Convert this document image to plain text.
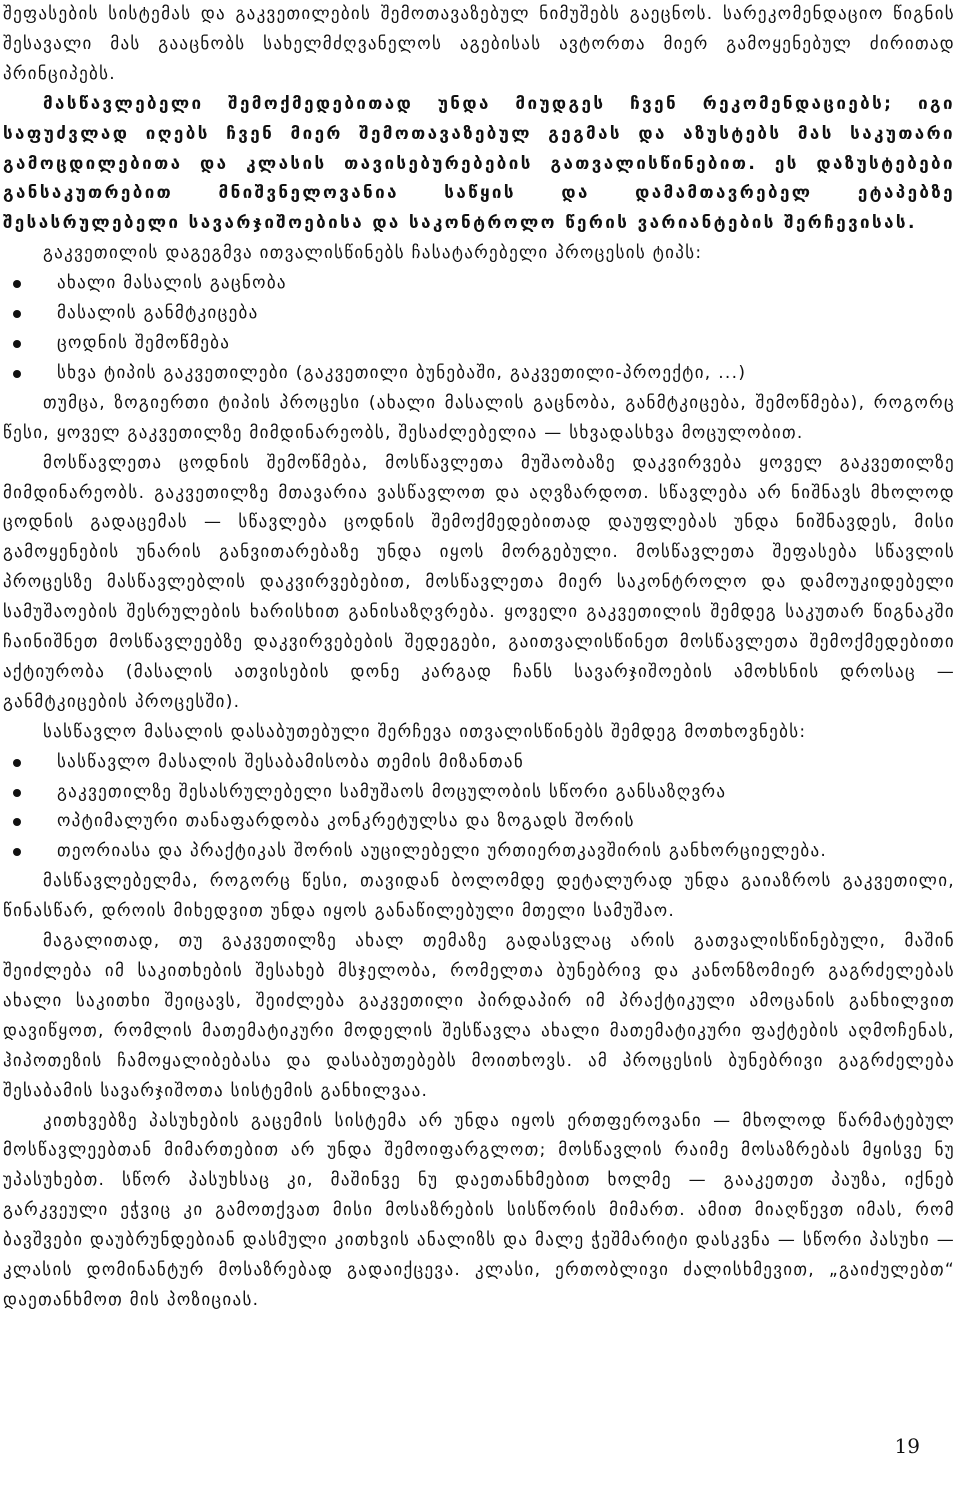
შეფასების სისტემას და გაკვეთილების შემოთავაზებულ ნიმუშებს გაეცნოს. სარეკომენდაციო წიგნის შესავალი მას გააცნობს სახელმძღვანელოს აგებისას ავტორთა მიერ გამოყენებულ ძირითად პრინციპებს.

მასწავლებელი შემოქმედებითად უნდა მიუდგეს ჩვენ რეკომენდაციებს; იგი საფუძვლად იღებს ჩვენ მიერ შემოთავაზებულ გეგმას და აზუსტებს მას საკუთარი გამოცდილებითა და კლასის თავისებურებების გათვალისწინებით. ეს დაზუსტებები განსაკუთრებით მნიშვნელოვანია საწყის და დამამთავრებელ ეტაპებზე შესასრულებელი სავარჯიშოებისა და საკონტროლო წერის ვარიანტების შერჩევისას.

გაკვეთილის დაგეგმვა ითვალისწინებს ჩასატარებელი პროცესის ტიპს:

ახალი მასალის გაცნობა
მასალის განმტკიცება
ცოდნის შემოწმება
სხვა ტიპის გაკვეთილები (გაკვეთილი ბუნებაში, გაკვეთილი-პროექტი, ...)

თუმცა, ზოგიერთი ტიპის პროცესი (ახალი მასალის გაცნობა, განმტკიცება, შემოწმება), როგორც წესი, ყოველ გაკვეთილზე მიმდინარეობს, შესაძლებელია — სხვადასხვა მოცულობით.

მოსწავლეთა ცოდნის შემოწმება, მოსწავლეთა მუშაობაზე დაკვირვება ყოველ გაკვეთილზე მიმდინარეობს. გაკვეთილზე მთავარია ვასწავლოთ და აღვზარდოთ. სწავლება არ ნიშნავს მხოლოდ ცოდნის გადაცემას — სწავლება ცოდნის შემოქმედებითად დაუფლებას უნდა ნიშნავდეს, მისი გამოყენების უნარის განვითარებაზე უნდა იყოს მორგებული. მოსწავლეთა შეფასება სწავლის პროცესზე მასწავლებლის დაკვირვებებით, მოსწავლეთა მიერ საკონტროლო და დამოუკიდებელი სამუშაოების შესრულების ხარისხით განისაზღვრება. ყოველი გაკვეთილის შემდეგ საკუთარ წიგნაკში ჩაინიშნეთ მოსწავლეებზე დაკვირვებების შედეგები, გაითვალისწინეთ მოსწავლეთა შემოქმედებითი აქტიურობა (მასალის ათვისების დონე კარგად ჩანს სავარჯიშოების ამოხსნის დროსაც — განმტკიცების პროცესში).

სასწავლო მასალის დასაბუთებული შერჩევა ითვალისწინებს შემდეგ მოთხოვნებს:

სასწავლო მასალის შესაბამისობა თემის მიზანთან
გაკვეთილზე შესასრულებელი სამუშაოს მოცულობის სწორი განსაზღვრა
ოპტიმალური თანაფარდობა კონკრეტულსა და ზოგადს შორის
თეორიასა და პრაქტიკას შორის აუცილებელი ურთიერთკავშირის განხორციელება.

მასწავლებელმა, როგორც წესი, თავიდან ბოლომდე დეტალურად უნდა გაიაზროს გაკვეთილი, წინასწარ, დროის მიხედვით უნდა იყოს განაწილებული მთელი სამუშაო.

მაგალითად, თუ გაკვეთილზე ახალ თემაზე გადასვლაც არის გათვალისწინებული, მაშინ შეიძლება იმ საკითხების შესახებ მსჯელობა, რომელთა ბუნებრივ და კანონზომიერ გაგრძელებას ახალი საკითხი შეიცავს, შეიძლება გაკვეთილი პირდაპირ იმ პრაქტიკული ამოცანის განხილვით დავიწყოთ, რომლის მათემატიკური მოდელის შესწავლა ახალი მათემატიკური ფაქტების აღმოჩენას, ჰიპოთეზის ჩამოყალიბებასა და დასაბუთებებს მოითხოვს. ამ პროცესის ბუნებრივი გაგრძელება შესაბამის სავარჯიშოთა სისტემის განხილვაა.

კითხვებზე პასუხების გაცემის სისტემა არ უნდა იყოს ერთფეროვანი — მხოლოდ წარმატებულ მოსწავლეებთან მიმართებით არ უნდა შემოიფარგლოთ; მოსწავლის რაიმე მოსაზრებას მყისვე ნუ უპასუხებთ. სწორ პასუხსაც კი, მაშინვე ნუ დაეთანხმებით ხოლმე — გააკეთეთ პაუზა, იქნებ გარკვეული ეჭვიც კი გამოთქვათ მისი მოსაზრების სისწორის მიმართ. ამით მიაღწევთ იმას, რომ ბავშვები დაუბრუნდებიან დასმული კითხვის ანალიზს და მალე ჭეშმარიტი დასკვნა — სწორი პასუხი — კლასის დომინანტურ მოსაზრებად გადაიქცევა. კლასი, ერთობლივი ძალისხმევით, „გაიძულებთ“ დაეთანხმოთ მის პოზიციას.

19
